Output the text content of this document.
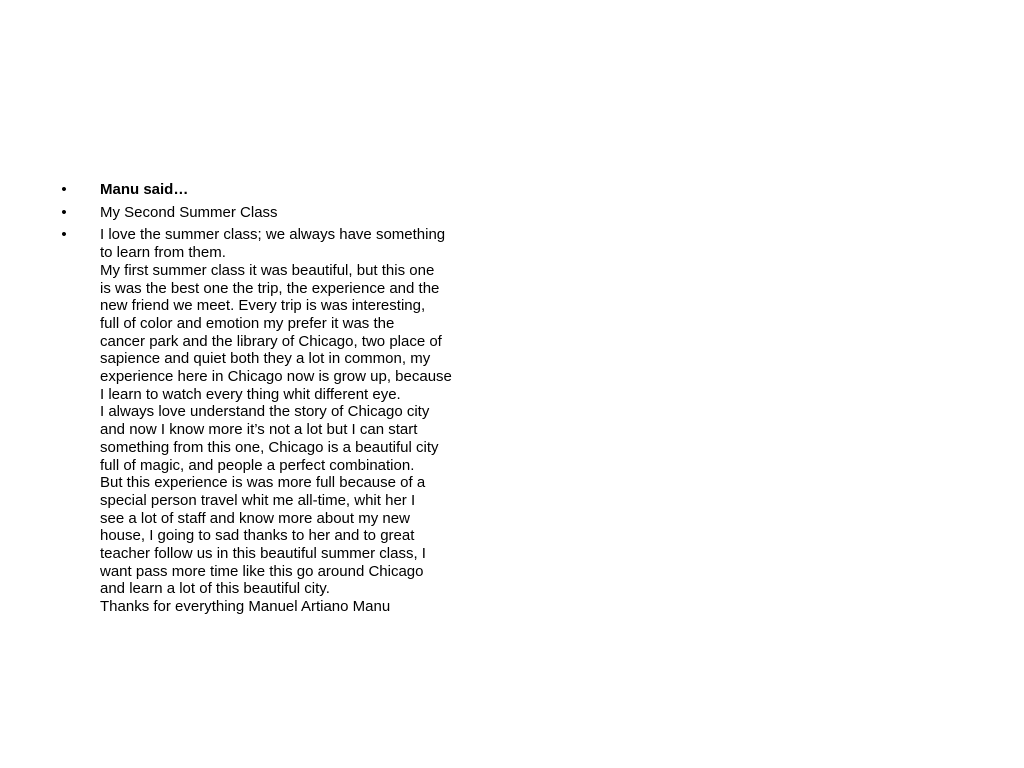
• Manu said…
• My Second Summer Class
• I love the summer class; we always have something
to learn from them.
My first summer class it was beautiful, but this one
is was the best one the trip, the experience and the
new friend we meet. Every trip is was interesting,
full of color and emotion my prefer it was the
cancer park and the library of Chicago, two place of
sapience and quiet both they a lot in common, my
experience here in Chicago now is grow up, because
I learn to watch every thing whit different eye.
I always love understand the story of Chicago city
and now I know more it’s not a lot but I can start
something from this one, Chicago is a beautiful city
full of magic, and people a perfect combination.
But this experience is was more full because of a
special person travel whit me all-time, whit her I
see a lot of staff and know more about my new
house, I going to sad thanks to her and to great
teacher follow us in this beautiful summer class, I
want pass more time like this go around Chicago
and learn a lot of this beautiful city.
Thanks for everything Manuel Artiano Manu
